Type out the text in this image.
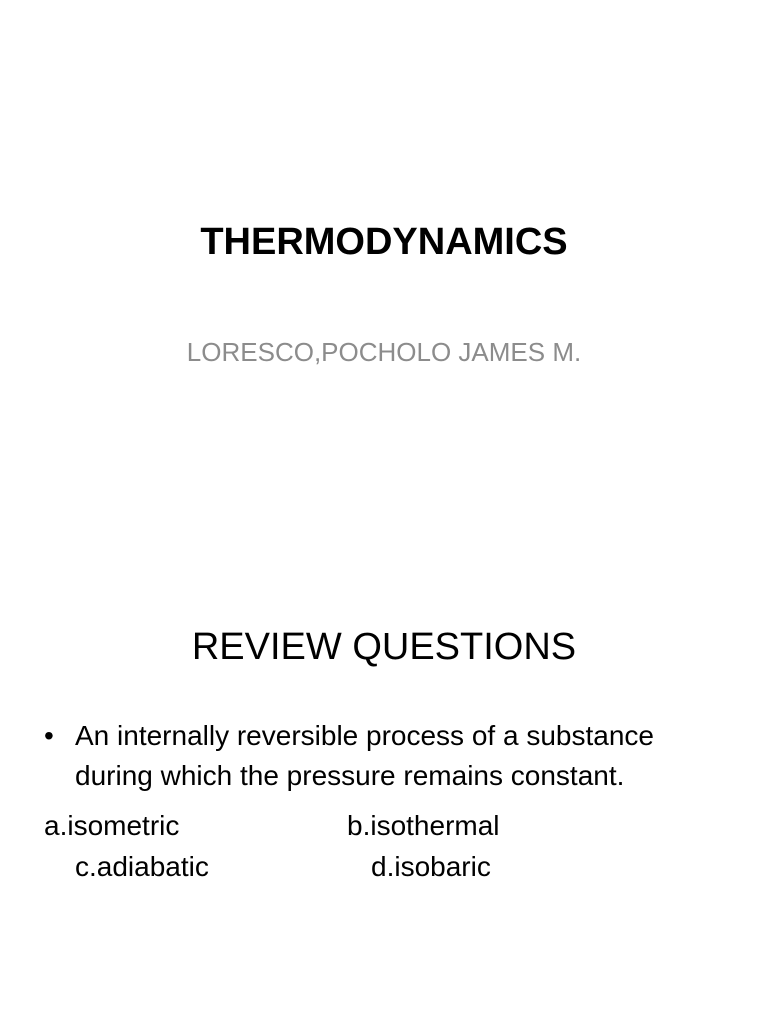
THERMODYNAMICS
LORESCO,POCHOLO JAMES M.
REVIEW QUESTIONS
• An internally reversible process of a substance during which the pressure remains constant.
a.isometric	b.isothermal
c.adiabatic	d.isobaric
